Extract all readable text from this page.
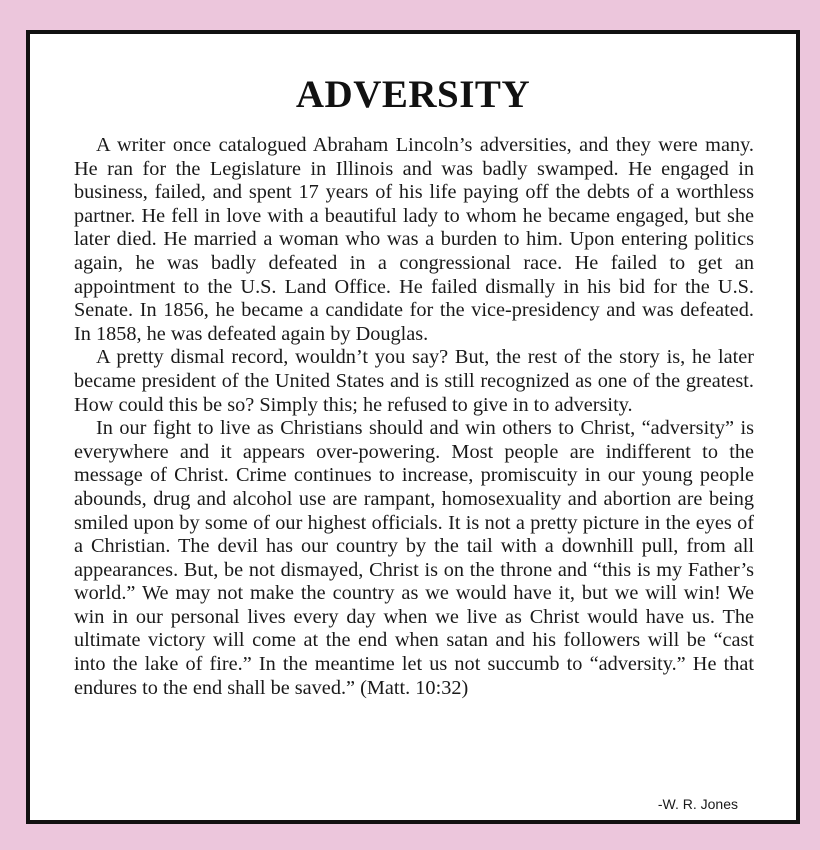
ADVERSITY

A writer once catalogued Abraham Lincoln’s adversities, and they were many. He ran for the Legislature in Illinois and was badly swamped. He engaged in business, failed, and spent 17 years of his life paying off the debts of a worthless partner. He fell in love with a beautiful lady to whom he became engaged, but she later died. He married a woman who was a burden to him. Upon entering politics again, he was badly defeated in a congressional race. He failed to get an appointment to the U.S. Land Office. He failed dismally in his bid for the U.S. Senate. In 1856, he became a candidate for the vice-presidency and was defeated. In 1858, he was defeated again by Douglas.

A pretty dismal record, wouldn’t you say? But, the rest of the story is, he later became president of the United States and is still recognized as one of the greatest. How could this be so? Simply this; he refused to give in to adversity.

In our fight to live as Christians should and win others to Christ, “adversity” is everywhere and it appears over-powering. Most people are indifferent to the message of Christ. Crime continues to increase, promiscuity in our young people abounds, drug and alcohol use are rampant, homosexuality and abortion are being smiled upon by some of our highest officials. It is not a pretty picture in the eyes of a Christian. The devil has our country by the tail with a downhill pull, from all appearances. But, be not dismayed, Christ is on the throne and “this is my Father’s world.” We may not make the country as we would have it, but we will win! We win in our personal lives every day when we live as Christ would have us. The ultimate victory will come at the end when satan and his followers will be “cast into the lake of fire.” In the meantime let us not succumb to “adversity.” He that endures to the end shall be saved.” (Matt. 10:32)

-W. R. Jones
